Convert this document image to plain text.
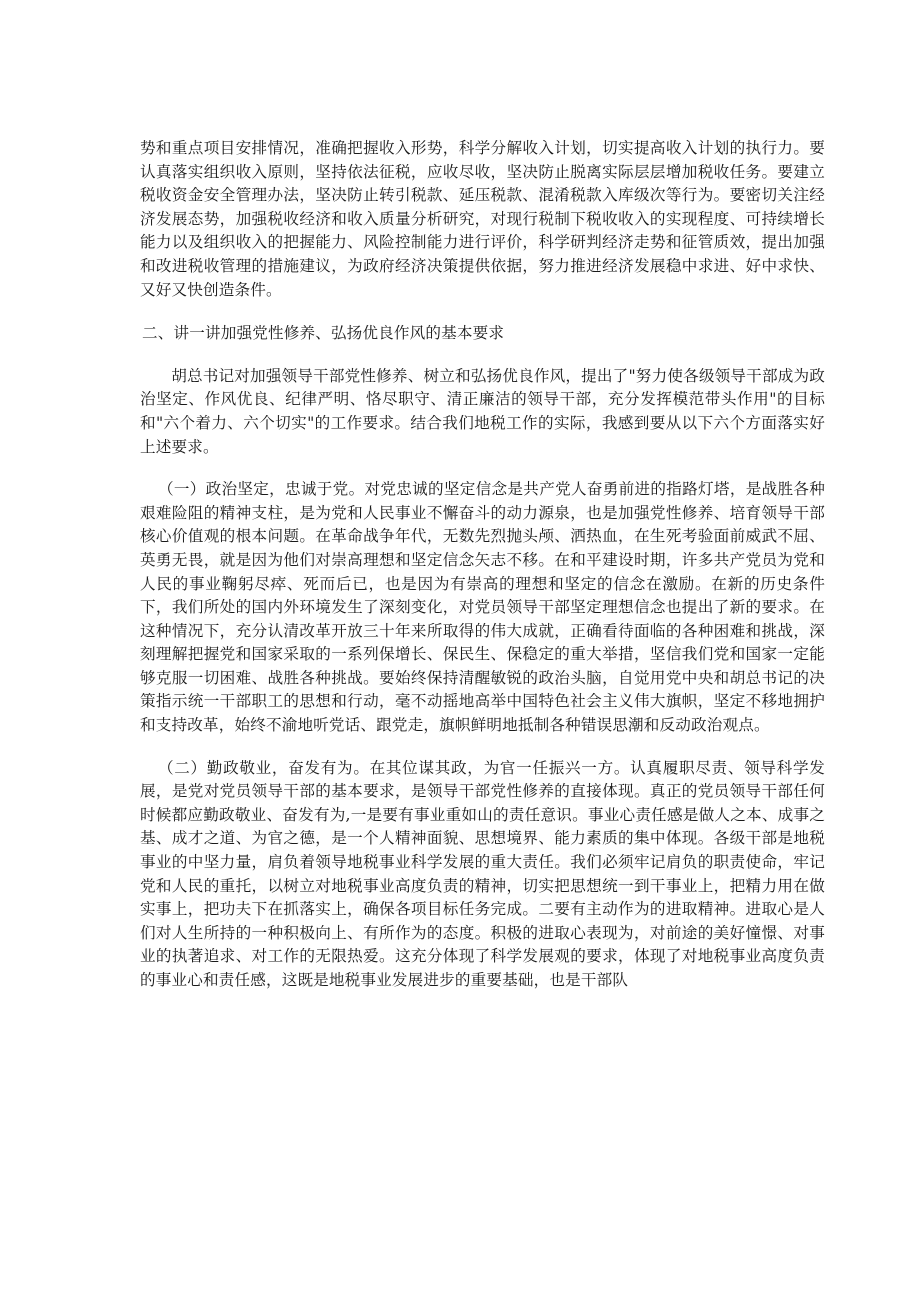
势和重点项目安排情况，准确把握收入形势，科学分解收入计划，切实提高收入计划的执行力。要认真落实组织收入原则，坚持依法征税，应收尽收，坚决防止脱离实际层层增加税收任务。要建立税收资金安全管理办法，坚决防止转引税款、延压税款、混淆税款入库级次等行为。要密切关注经济发展态势，加强税收经济和收入质量分析研究，对现行税制下税收收入的实现程度、可持续增长能力以及组织收入的把握能力、风险控制能力进行评价，科学研判经济走势和征管质效，提出加强和改进税收管理的措施建议，为政府经济决策提供依据，努力推进经济发展稳中求进、好中求快、又好又快创造条件。

二、讲一讲加强党性修养、弘扬优良作风的基本要求

胡总书记对加强领导干部党性修养、树立和弘扬优良作风，提出了"努力使各级领导干部成为政治坚定、作风优良、纪律严明、恪尽职守、清正廉洁的领导干部，充分发挥模范带头作用"的目标和"六个着力、六个切实"的工作要求。结合我们地税工作的实际，我感到要从以下六个方面落实好上述要求。

（一）政治坚定，忠诚于党。对党忠诚的坚定信念是共产党人奋勇前进的指路灯塔，是战胜各种艰难险阻的精神支柱，是为党和人民事业不懈奋斗的动力源泉，也是加强党性修养、培育领导干部核心价值观的根本问题。在革命战争年代，无数先烈抛头颅、洒热血，在生死考验面前威武不屈、英勇无畏，就是因为他们对崇高理想和坚定信念矢志不移。在和平建设时期，许多共产党员为党和人民的事业鞠躬尽瘁、死而后已，也是因为有崇高的理想和坚定的信念在激励。在新的历史条件下，我们所处的国内外环境发生了深刻变化，对党员领导干部坚定理想信念也提出了新的要求。在这种情况下，充分认清改革开放三十年来所取得的伟大成就，正确看待面临的各种困难和挑战，深刻理解把握党和国家采取的一系列保增长、保民生、保稳定的重大举措，坚信我们党和国家一定能够克服一切困难、战胜各种挑战。要始终保持清醒敏锐的政治头脑，自觉用党中央和胡总书记的决策指示统一干部职工的思想和行动，毫不动摇地高举中国特色社会主义伟大旗帜，坚定不移地拥护和支持改革，始终不渝地听党话、跟党走，旗帜鲜明地抵制各种错误思潮和反动政治观点。

（二）勤政敬业，奋发有为。在其位谋其政，为官一任振兴一方。认真履职尽责、领导科学发展，是党对党员领导干部的基本要求，是领导干部党性修养的直接体现。真正的党员领导干部任何时候都应勤政敬业、奋发有为,一是要有事业重如山的责任意识。事业心责任感是做人之本、成事之基、成才之道、为官之德，是一个人精神面貌、思想境界、能力素质的集中体现。各级干部是地税事业的中坚力量，肩负着领导地税事业科学发展的重大责任。我们必须牢记肩负的职责使命，牢记党和人民的重托，以树立对地税事业高度负责的精神，切实把思想统一到干事业上，把精力用在做实事上，把功夫下在抓落实上，确保各项目标任务完成。二要有主动作为的进取精神。进取心是人们对人生所持的一种积极向上、有所作为的态度。积极的进取心表现为，对前途的美好憧憬、对事业的执著追求、对工作的无限热爱。这充分体现了科学发展观的要求，体现了对地税事业高度负责的事业心和责任感，这既是地税事业发展进步的重要基础，也是干部队
